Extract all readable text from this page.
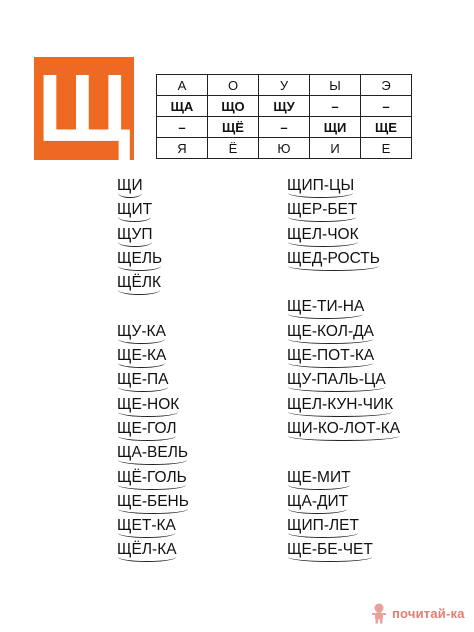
Щ	А	О	У	Ы	Э
ЩА	ЩО	ЩУ	–	–
–	ЩЁ	–	ЩИ	ЩЕ
Я	Ё	Ю	И	Е
ЩИ
ЩИТ
ЩУП
ЩЕЛЬ
ЩЁЛК
ЩУ-КА
ЩЕ-КА
ЩЕ-ПА
ЩЕ-НОК
ЩЕ-ГОЛ
ЩА-ВЕЛЬ
ЩЁ-ГОЛЬ
ЩЕ-БЕНЬ
ЩЕТ-КА
ЩЁЛ-КА
ЩИП-ЦЫ
ЩЕР-БЕТ
ЩЕЛ-ЧОК
ЩЕД-РОСТЬ
ЩЕ-ТИ-НА
ЩЕ-КОЛ-ДА
ЩЕ-ПОТ-КА
ЩУ-ПАЛЬ-ЦА
ЩЕЛ-КУН-ЧИК
ЩИ-КО-ЛОТ-КА
ЩЕ-МИТ
ЩА-ДИТ
ЩИП-ЛЕТ
ЩЕ-БЕ-ЧЕТ
почитай-ка
